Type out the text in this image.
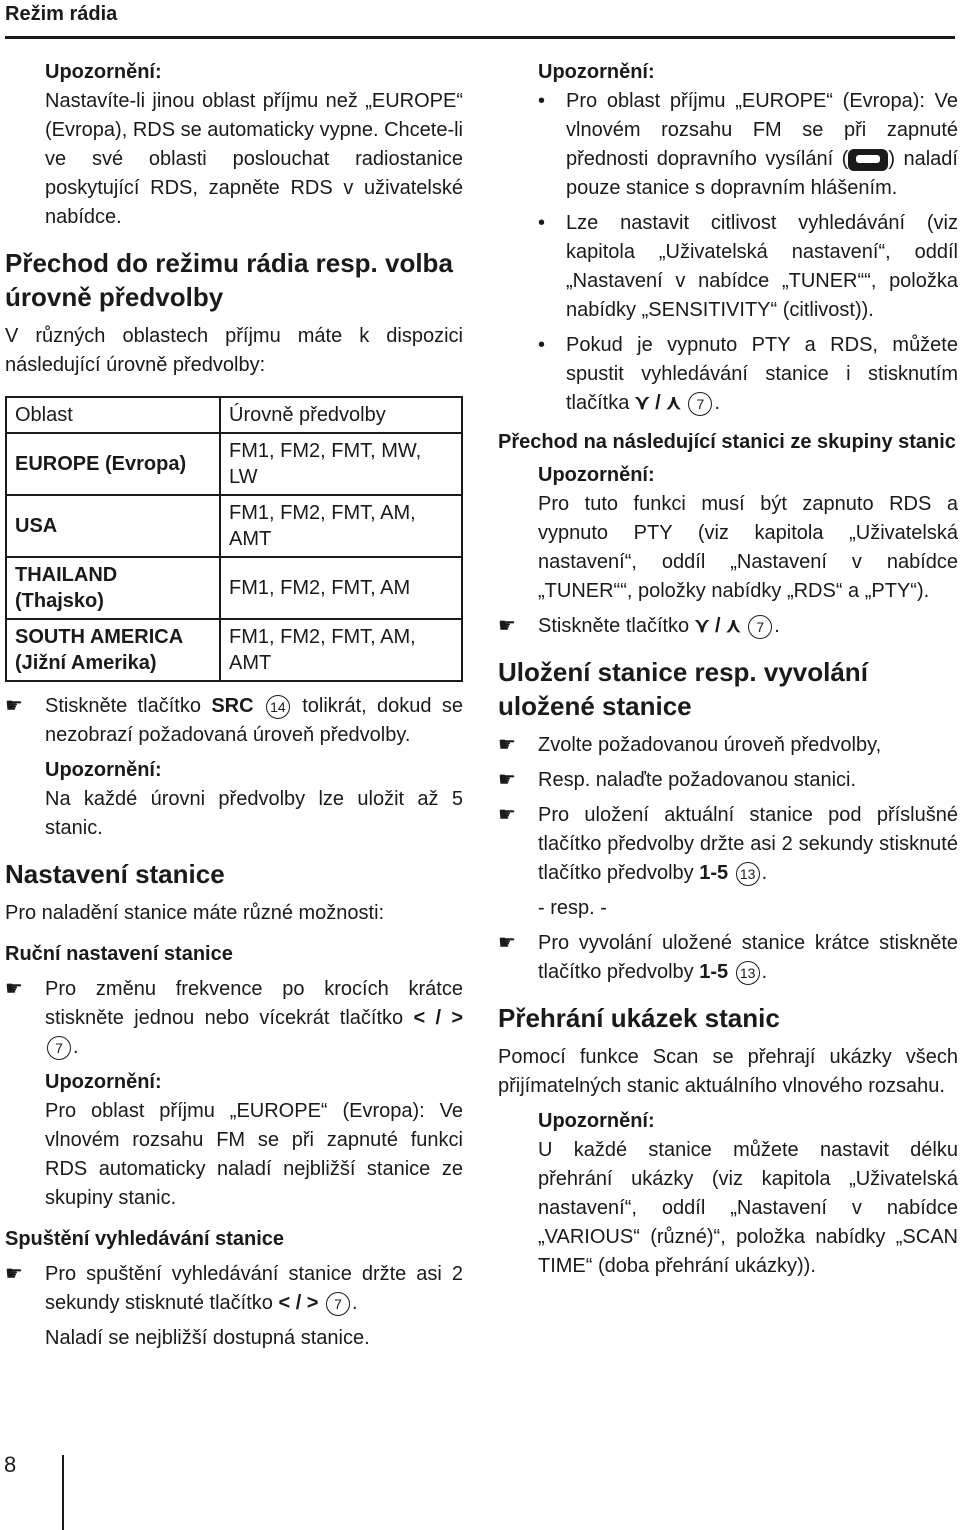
Režim rádia

Upozornění:

Nastavíte-li jinou oblast příjmu než „EUROPE“ (Evropa), RDS se automaticky vypne. Chcete-li ve své oblasti poslouchat radiostanice poskytující RDS, zapněte RDS v uživatelské nabídce.

Přechod do režimu rádia resp. volba úrovně předvolby

V různých oblastech příjmu máte k dispozici následující úrovně předvolby:

Oblast	Úrovně předvolby
EUROPE (Evropa)	FM1, FM2, FMT, MW, LW
USA	FM1, FM2, FMT, AM, AMT
THAILAND (Thajsko)	FM1, FM2, FMT, AM
SOUTH AMERICA (Jižní Amerika)	FM1, FM2, FMT, AM, AMT
☛ Stiskněte tlačítko SRC 14 tolikrát, dokud se nezobrazí požadovaná úroveň předvolby.

Upozornění:

Na každé úrovni předvolby lze uložit až 5 stanic.

Nastavení stanice

Pro naladění stanice máte různé možnosti:

Ruční nastavení stanice
☛ Pro změnu frekvence po krocích krátce stiskněte jednou nebo vícekrát tlačítko < / > 7 .

Upozornění:

Pro oblast příjmu „EUROPE“ (Evropa): Ve vlnovém rozsahu FM se při zapnuté funkci RDS automaticky naladí nejbližší stanice ze skupiny stanic.

Spuštění vyhledávání stanice
☛ Pro spuštění vyhledávání stanice držte asi 2 sekundy stisknuté tlačítko < / > 7 .

Naladí se nejbližší dostupná stanice.

Upozornění:

• Pro oblast příjmu „EUROPE“ (Evropa): Ve vlnovém rozsahu FM se při zapnuté přednosti dopravního vysílání ( ) naladí pouze stanice s dopravním hlášením.
• Lze nastavit citlivost vyhledávání (viz kapitola „Uživatelská nastavení“, oddíl „Nastavení v nabídce „TUNER““, položka nabídky „SENSITIVITY“ (citlivost)).
• Pokud je vypnuto PTY a RDS, můžete spustit vyhledávání stanice i stisknutím tlačítka ⋎ / ⋏ 7 .
Přechod na následující stanici ze skupiny stanic

Upozornění:

Pro tuto funkci musí být zapnuto RDS a vypnuto PTY (viz kapitola „Uživatelská nastavení“, oddíl „Nastavení v nabídce „TUNER““, položky nabídky „RDS“ a „PTY“).

☛ Stiskněte tlačítko ⋎ / ⋏ 7 .
Uložení stanice resp. vyvolání uložené stanice
☛ Zvolte požadovanou úroveň předvolby,
☛ Resp. nalaďte požadovanou stanici.
☛ Pro uložení aktuální stanice pod příslušné tlačítko předvolby držte asi 2 sekundy stisknuté tlačítko předvolby 1-5 13 .

- resp. -

☛ Pro vyvolání uložené stanice krátce stiskněte tlačítko předvolby 1-5 13 .
Přehrání ukázek stanic

Pomocí funkce Scan se přehrají ukázky všech přijímatelných stanic aktuálního vlnového rozsahu.

Upozornění:

U každé stanice můžete nastavit délku přehrání ukázky (viz kapitola „Uživatelská nastavení“, oddíl „Nastavení v nabídce „VARIOUS“ (různé)“, položka nabídky „SCAN TIME“ (doba přehrání ukázky)).

8
